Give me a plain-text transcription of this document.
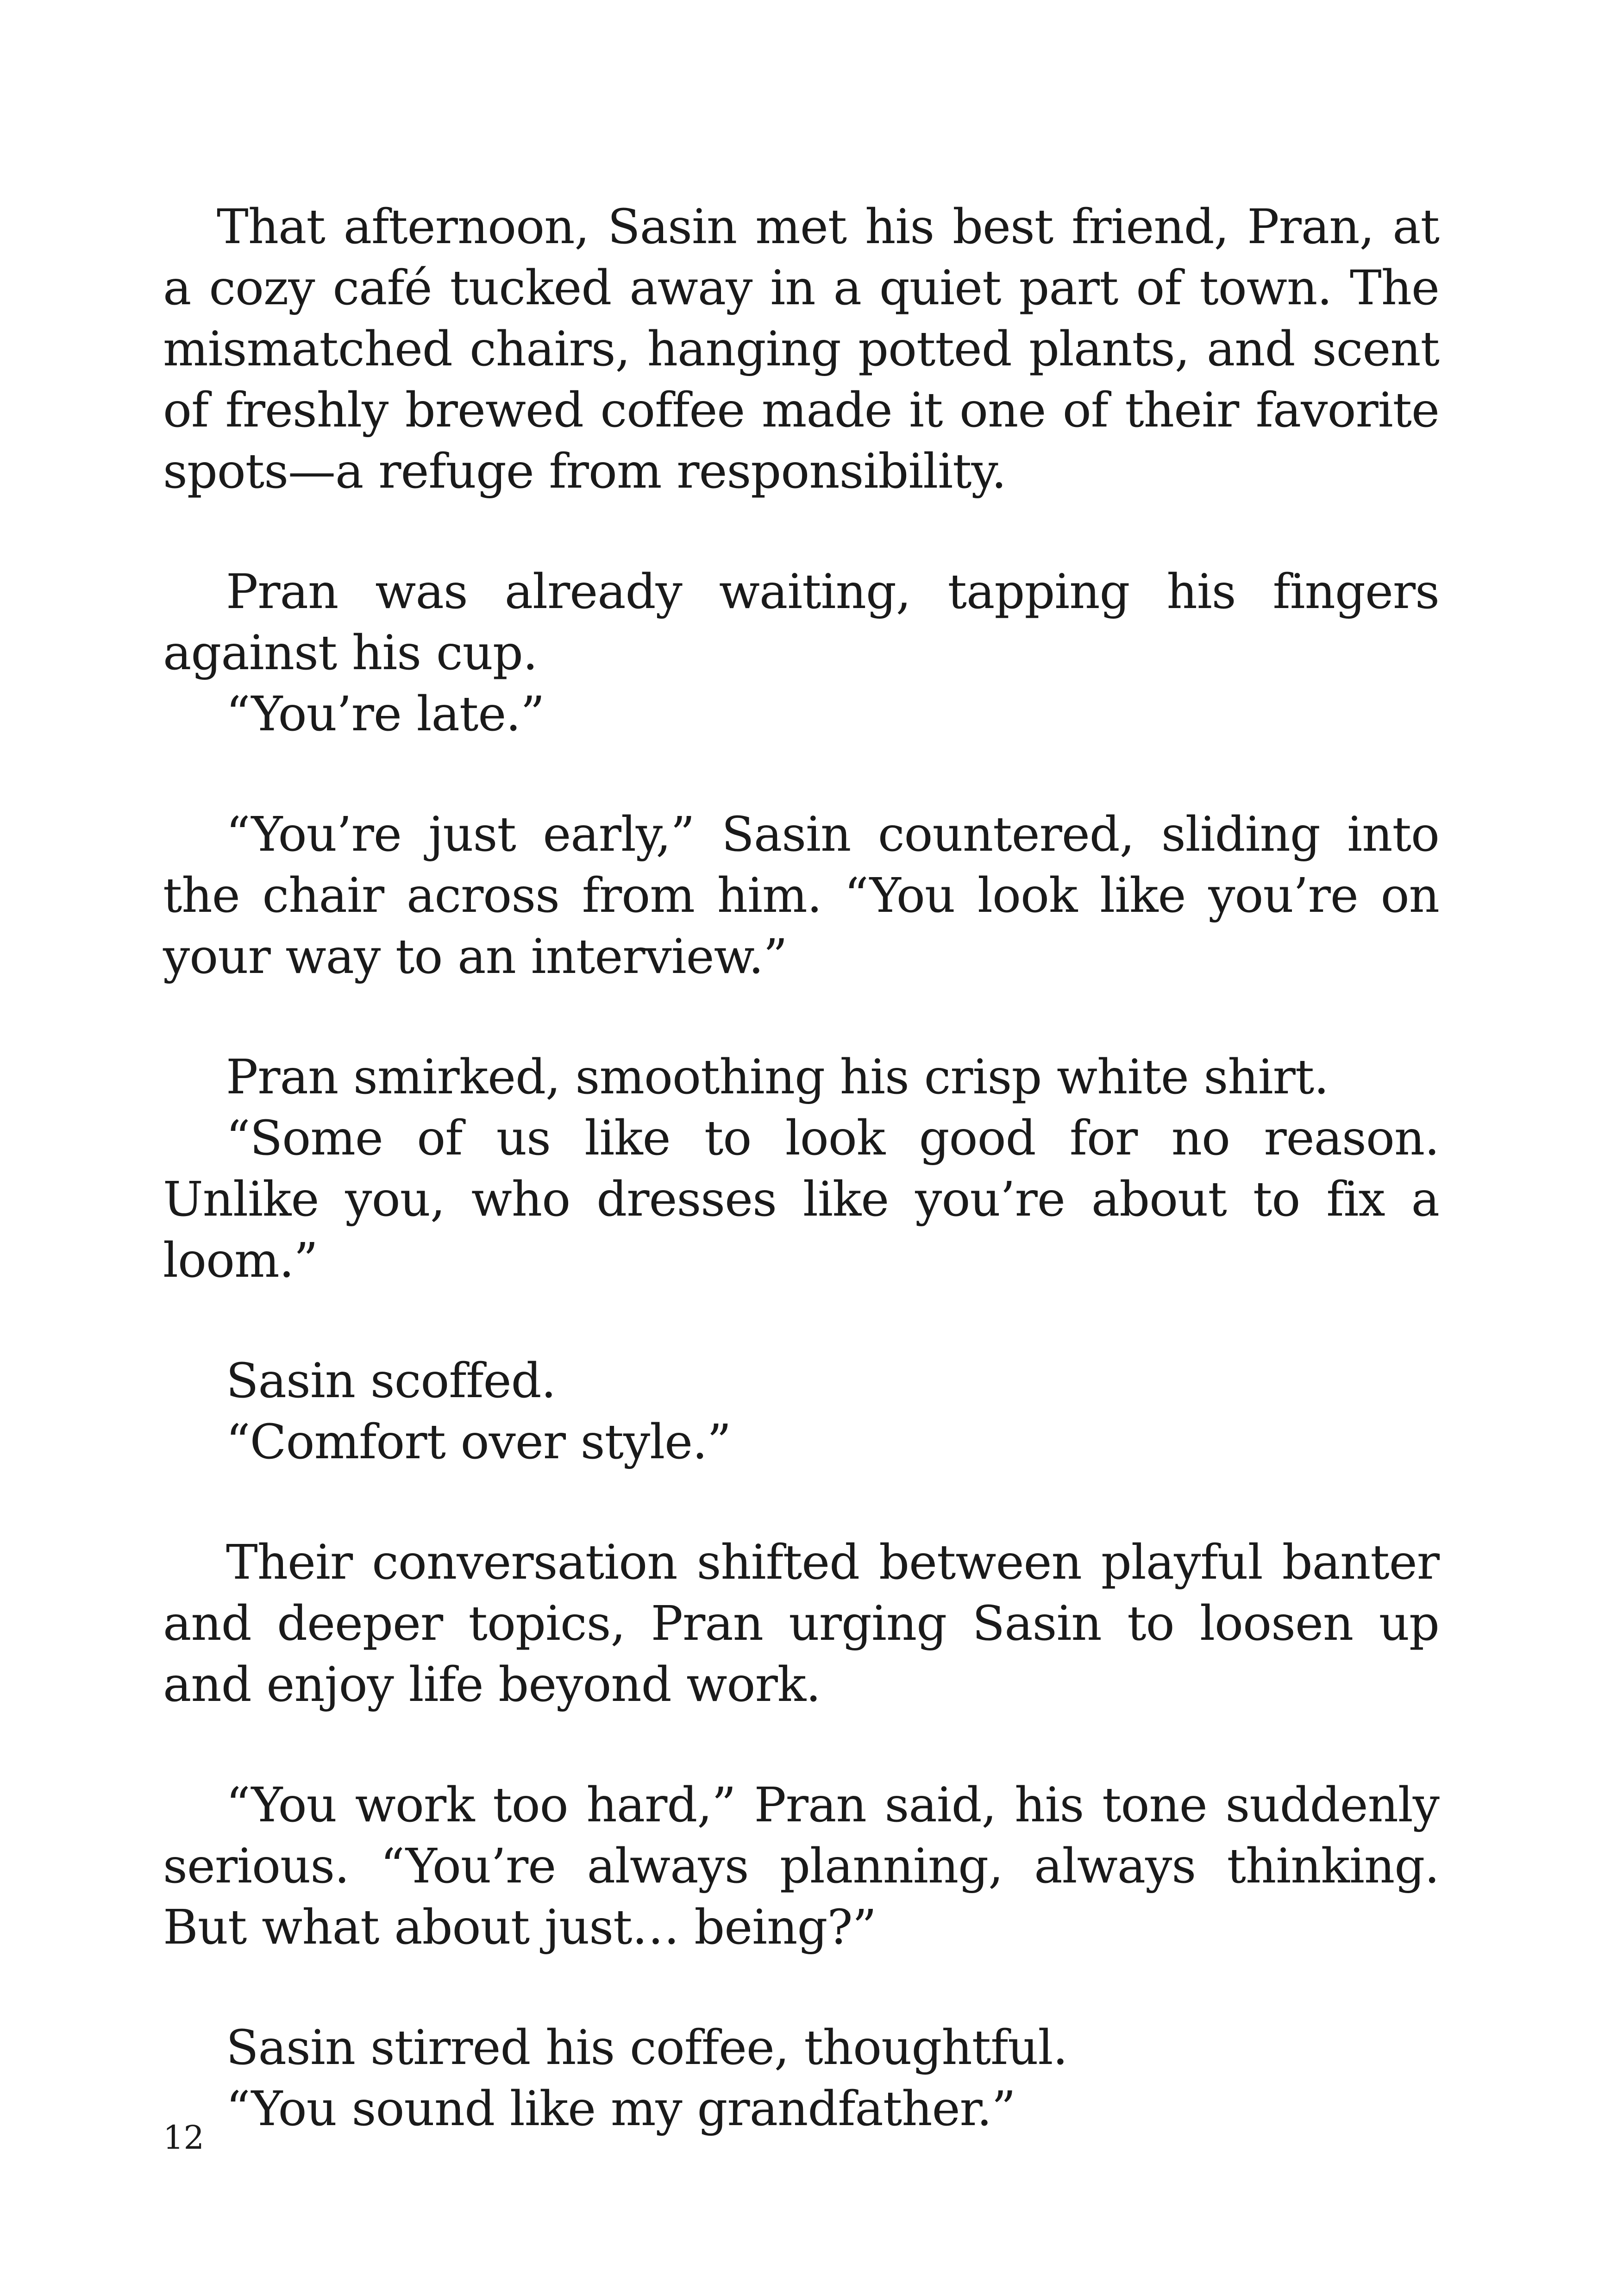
That afternoon, Sasin met his best friend, Pran, at a cozy café tucked away in a quiet part of town. The mismatched chairs, hanging potted plants, and scent of freshly brewed coffee made it one of their favorite spots—a refuge from responsibility.

Pran was already waiting, tapping his fingers against his cup.

“You’re late.”

“You’re just early,” Sasin countered, sliding into the chair across from him. “You look like you’re on your way to an interview.”

Pran smirked, smoothing his crisp white shirt.

“Some of us like to look good for no reason. Unlike you, who dresses like you’re about to fix a loom.”

Sasin scoffed.

“Comfort over style.”

Their conversation shifted between playful banter and deeper topics, Pran urging Sasin to loosen up and enjoy life beyond work.

“You work too hard,” Pran said, his tone suddenly serious. “You’re always planning, always thinking. But what about just… being?”

Sasin stirred his coffee, thoughtful.

“You sound like my grandfather.”

12
